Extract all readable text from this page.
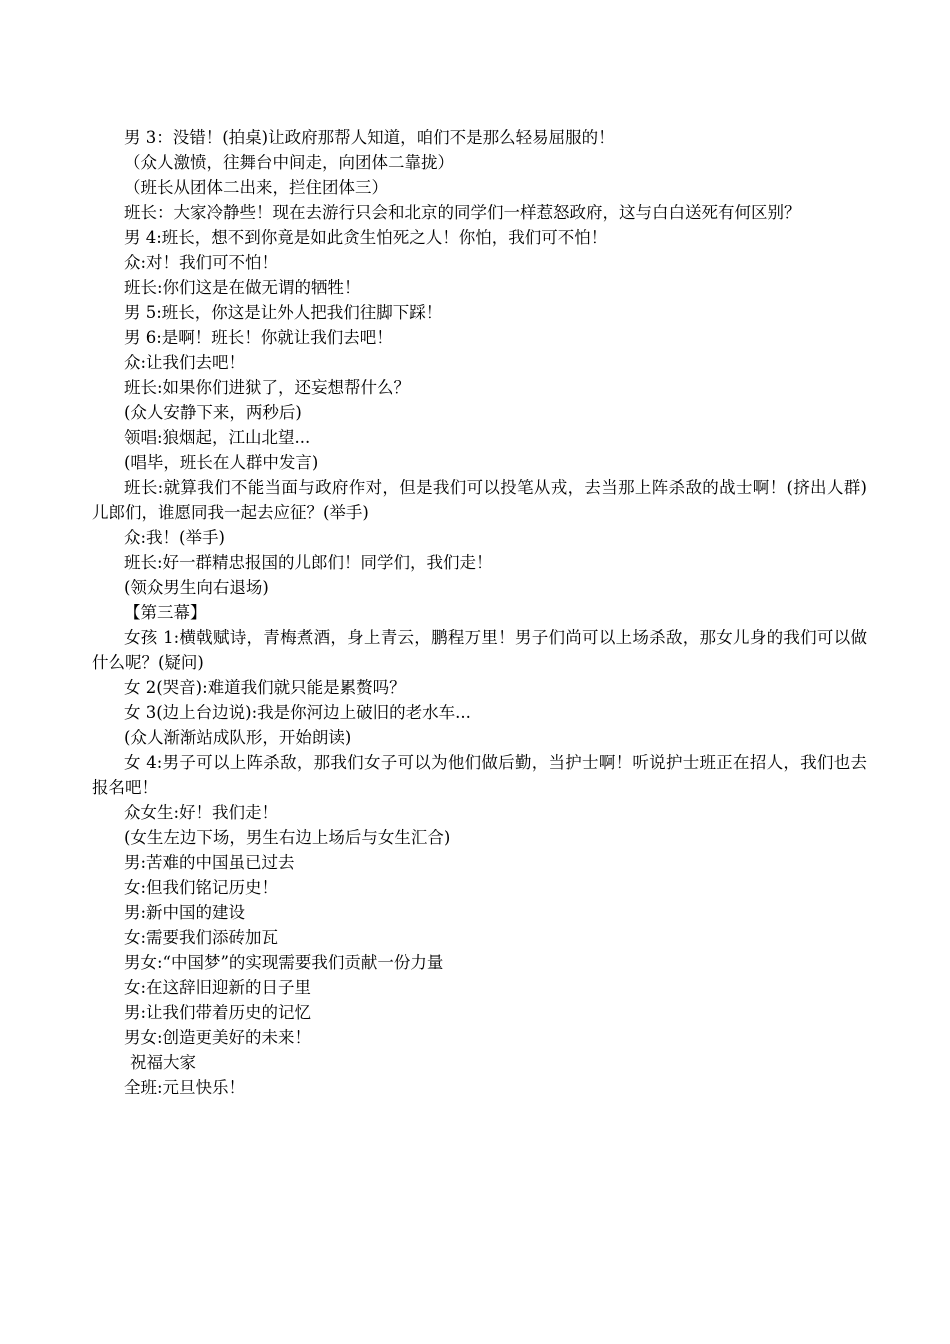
男 3：没错！(拍桌)让政府那帮人知道，咱们不是那么轻易屈服的！

（众人激愤，往舞台中间走，向团体二靠拢）

（班长从团体二出来，拦住团体三）

班长：大家冷静些！现在去游行只会和北京的同学们一样惹怒政府，这与白白送死有何区别？

男 4:班长，想不到你竟是如此贪生怕死之人！你怕，我们可不怕！

众:对！我们可不怕！

班长:你们这是在做无谓的牺牲！

男 5:班长，你这是让外人把我们往脚下踩！

男 6:是啊！班长！你就让我们去吧！

众:让我们去吧！

班长:如果你们进狱了，还妄想帮什么？

(众人安静下来，两秒后)

领唱:狼烟起，江山北望...

(唱毕，班长在人群中发言)

班长:就算我们不能当面与政府作对，但是我们可以投笔从戎，去当那上阵杀敌的战士啊！(挤出人群)儿郎们，谁愿同我一起去应征？(举手)

众:我！(举手)

班长:好一群精忠报国的儿郎们！同学们，我们走！

(领众男生向右退场)

【第三幕】

女孩 1:横戟赋诗，青梅煮酒，身上青云，鹏程万里！男子们尚可以上场杀敌，那女儿身的我们可以做什么呢？(疑问)

女 2(哭音):难道我们就只能是累赘吗？

女 3(边上台边说):我是你河边上破旧的老水车...

(众人渐渐站成队形，开始朗读)

女 4:男子可以上阵杀敌，那我们女子可以为他们做后勤，当护士啊！听说护士班正在招人，我们也去报名吧！

众女生:好！我们走！

(女生左边下场，男生右边上场后与女生汇合)

男:苦难的中国虽已过去

女:但我们铭记历史！

男:新中国的建设

女:需要我们添砖加瓦

男女:“中国梦”的实现需要我们贡献一份力量

女:在这辞旧迎新的日子里

男:让我们带着历史的记忆

男女:创造更美好的未来！

祝福大家

全班:元旦快乐！
